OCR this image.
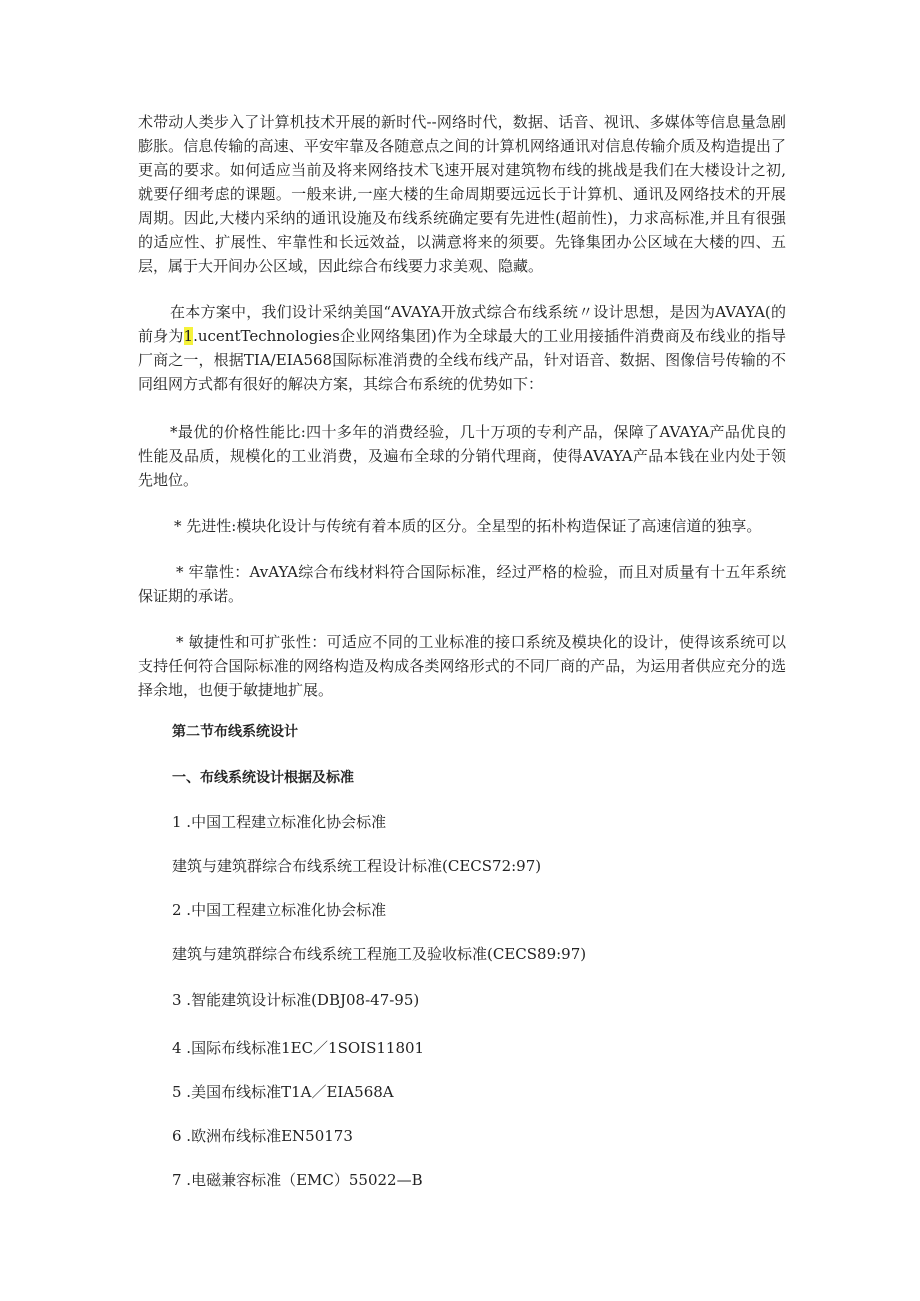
术带动人类步入了计算机技术开展的新时代--网络时代，数据、话音、视讯、多媒体等信息量急剧膨胀。信息传输的高速、平安牢靠及各随意点之间的计算机网络通讯对信息传输介质及构造提出了更高的要求。如何适应当前及将来网络技术飞速开展对建筑物布线的挑战是我们在大楼设计之初,就要仔细考虑的课题。一般来讲,一座大楼的生命周期要远远长于计算机、通讯及网络技术的开展周期。因此,大楼内采纳的通讯设施及布线系统确定要有先进性(超前性)，力求高标准,并且有很强的适应性、扩展性、牢靠性和长远效益，以满意将来的须要。先锋集团办公区域在大楼的四、五层，属于大开间办公区域，因此综合布线要力求美观、隐藏。

在本方案中，我们设计采纳美国“AVAYA开放式综合布线系统〃设计思想，是因为AVAYA(的前身为1.ucentTechnologies企业网络集团)作为全球最大的工业用接插件消费商及布线业的指导厂商之一，根据TIA/EIA568国际标准消费的全线布线产品，针对语音、数据、图像信号传输的不同组网方式都有很好的解决方案，其综合布系统的优势如下：

*最优的价格性能比:四十多年的消费经验，几十万项的专利产品，保障了AVAYA产品优良的性能及品质，规模化的工业消费，及遍布全球的分销代理商，使得AVAYA产品本钱在业内处于领先地位。

* 先进性:模块化设计与传统有着本质的区分。全星型的拓朴构造保证了高速信道的独享。

* 牢靠性：AvAYA综合布线材料符合国际标准，经过严格的检验，而且对质量有十五年系统保证期的承诺。

* 敏捷性和可扩张性：可适应不同的工业标准的接口系统及模块化的设计，使得该系统可以支持任何符合国际标准的网络构造及构成各类网络形式的不同厂商的产品，为运用者供应充分的选择余地，也便于敏捷地扩展。

第二节布线系统设计

一、布线系统设计根据及标准

1 .中国工程建立标准化协会标准

建筑与建筑群综合布线系统工程设计标准(CECS72:97)

2 .中国工程建立标准化协会标准

建筑与建筑群综合布线系统工程施工及验收标准(CECS89:97)

3 .智能建筑设计标准(DBJ08-47-95)

4 .国际布线标准1EC／1SOIS11801

5 .美国布线标准T1A／EIA568A

6 .欧洲布线标准EN50173

7 .电磁兼容标准（EMC）55022—B
